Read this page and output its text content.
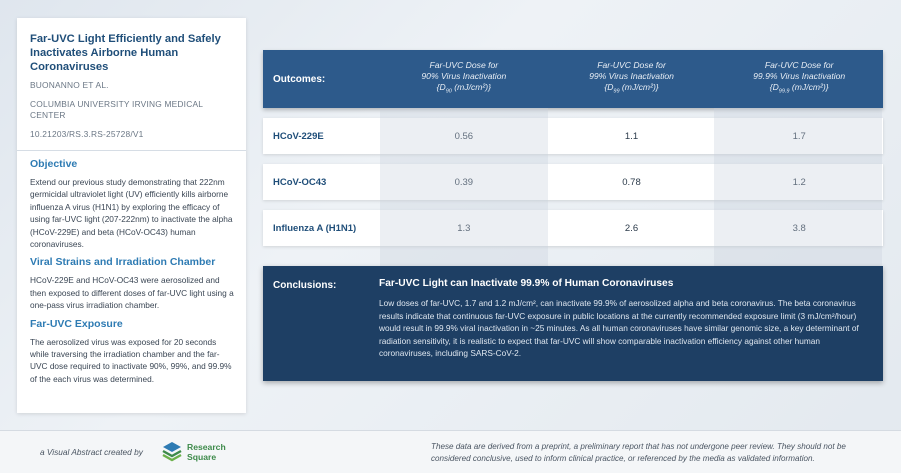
Far-UVC Light Efficiently and Safely Inactivates Airborne Human Coronaviruses

BUONANNO ET AL.

COLUMBIA UNIVERSITY IRVING MEDICAL CENTER

10.21203/RS.3.RS-25728/V1

Objective

Extend our previous study demonstrating that 222nm germicidal ultraviolet light (UV) efficiently kills airborne influenza A virus (H1N1) by exploring the efficacy of using far-UVC light (207-222nm) to inactivate the alpha (HCoV-229E) and beta (HCoV-OC43) human coronaviruses.

Viral Strains and Irradiation Chamber

HCoV-229E and HCoV-OC43 were aerosolized and then exposed to different doses of far-UVC light using a one-pass virus irradiation chamber.

Far-UVC Exposure

The aerosolized virus was exposed for 20 seconds while traversing the irradiation chamber and the far-UVC dose required to inactivate 90%, 99%, and 99.9% of the each virus was determined.

Outcomes:
Far-UVC Dose for
90% Virus Inactivation
{$D_{90}$ (mJ/cm²)}
Far-UVC Dose for
99% Virus Inactivation
{$D_{99}$ (mJ/cm²)}
Far-UVC Dose for
99.9% Virus Inactivation
{$D_{99.9}$ (mJ/cm²)}
HCoV-229E	0.56	1.1	1.7
HCoV-OC43	0.39	0.78	1.2
Influenza A (H1N1)	1.3	2.6	3.8
Conclusions:	Far-UVC Light can Inactivate 99.9% of Human Coronaviruses

Low doses of far-UVC, 1.7 and 1.2 mJ/cm², can inactivate 99.9% of aerosolized alpha and beta coronavirus. The beta coronavirus results indicate that continuous far-UVC exposure in public locations at the currently recommended exposure limit (3 mJ/cm²/hour) would result in 99.9% viral inactivation in ~25 minutes. As all human coronaviruses have similar genomic size, a key determinant of radiation sensitivity, it is realistic to expect that far-UVC will show comparable inactivation efficiency against other human coronaviruses, including SARS-CoV-2.

a Visual Abstract created by	Research
Square
These data are derived from a preprint, a preliminary report that has not undergone peer review. They should not be considered conclusive, used to inform clinical practice, or referenced by the media as validated information.
